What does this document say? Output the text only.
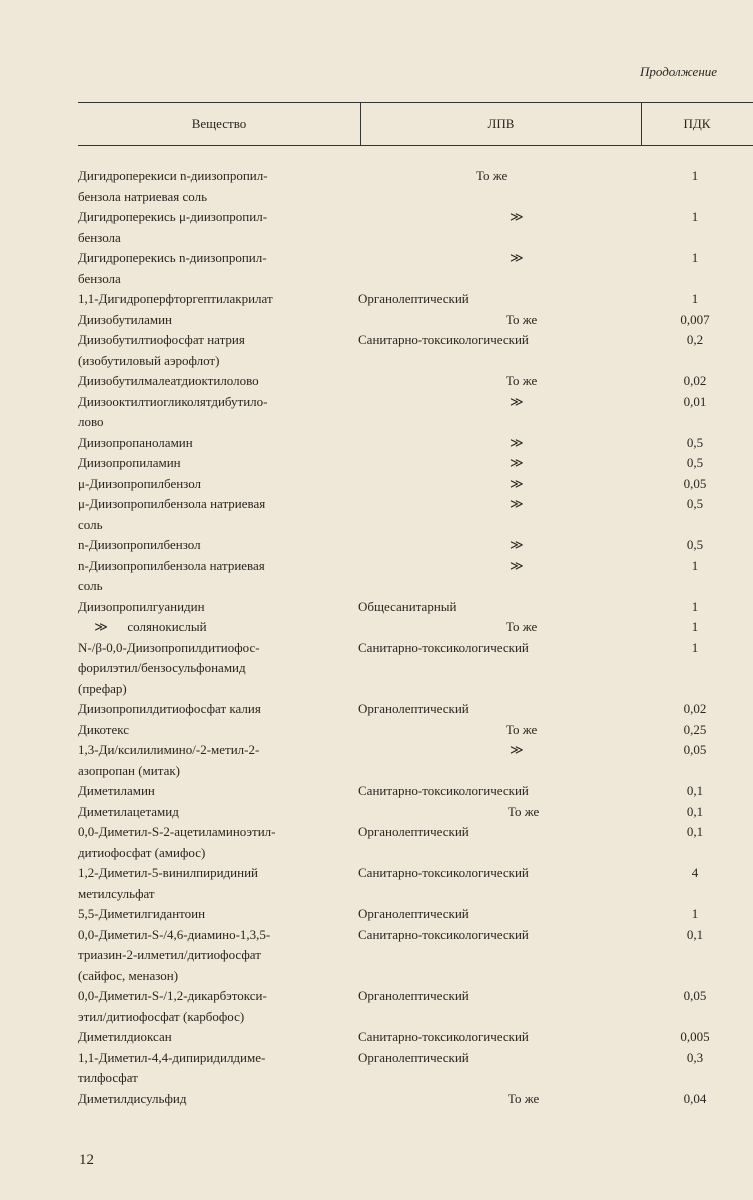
Продолжение
Вещество	ЛПВ	ПДК
Дигидроперекиси n-диизопропил-
бензола натриевая соль
То же	1
Дигидроперекись μ-диизопропил-
бензола
≫	1
Дигидроперекись n-диизопропил-
бензола
≫	1
1,1-Дигидроперфторгептилакрилат	Органолептический	1
Диизобутиламин	То же	0,007
Диизобутилтиофосфат натрия
(изобутиловый аэрофлот)
Санитарно-токсикологический	0,2
Диизобутилмалеатдиоктилолово	То же	0,02
Диизооктилтиогликолятдибутило-
лово
≫	0,01
Диизопропаноламин	≫	0,5
Диизопропиламин	≫	0,5
μ-Диизопропилбензол	≫	0,05
μ-Диизопропилбензола натриевая
соль
≫	0,5
n-Диизопропилбензол	≫	0,5
n-Диизопропилбензола натриевая
соль
≫	1
Диизопропилгуанидин	Общесанитарный	1
≫      солянокислый	То же	1
N-/β-0,0-Диизопропилдитиофос-
форилэтил/бензосульфонамид
(префар)
Санитарно-токсикологический	1
Диизопропилдитиофосфат калия	Органолептический	0,02
Дикотекс	То же	0,25
1,3-Ди/ксилилимино/-2-метил-2-
азопропан (митак)
≫	0,05
Диметиламин	Санитарно-токсикологический	0,1
Диметилацетамид	То же	0,1
0,0-Диметил-S-2-ацетиламиноэтил-
дитиофосфат (амифос)
Органолептический	0,1
1,2-Диметил-5-винилпиридиний
метилсульфат
Санитарно-токсикологический	4
5,5-Диметилгидантоин	Органолептический	1
0,0-Диметил-S-/4,6-диамино-1,3,5-
триазин-2-илметил/дитиофосфат
(сайфос, меназон)
Санитарно-токсикологический	0,1
0,0-Диметил-S-/1,2-дикарбэтокси-
этил/дитиофосфат (карбофос)
Органолептический	0,05
Диметилдиоксан	Санитарно-токсикологический	0,005
1,1-Диметил-4,4-дипиридилдиме-
тилфосфат
Органолептический	0,3
Диметилдисульфид	То же	0,04
12
